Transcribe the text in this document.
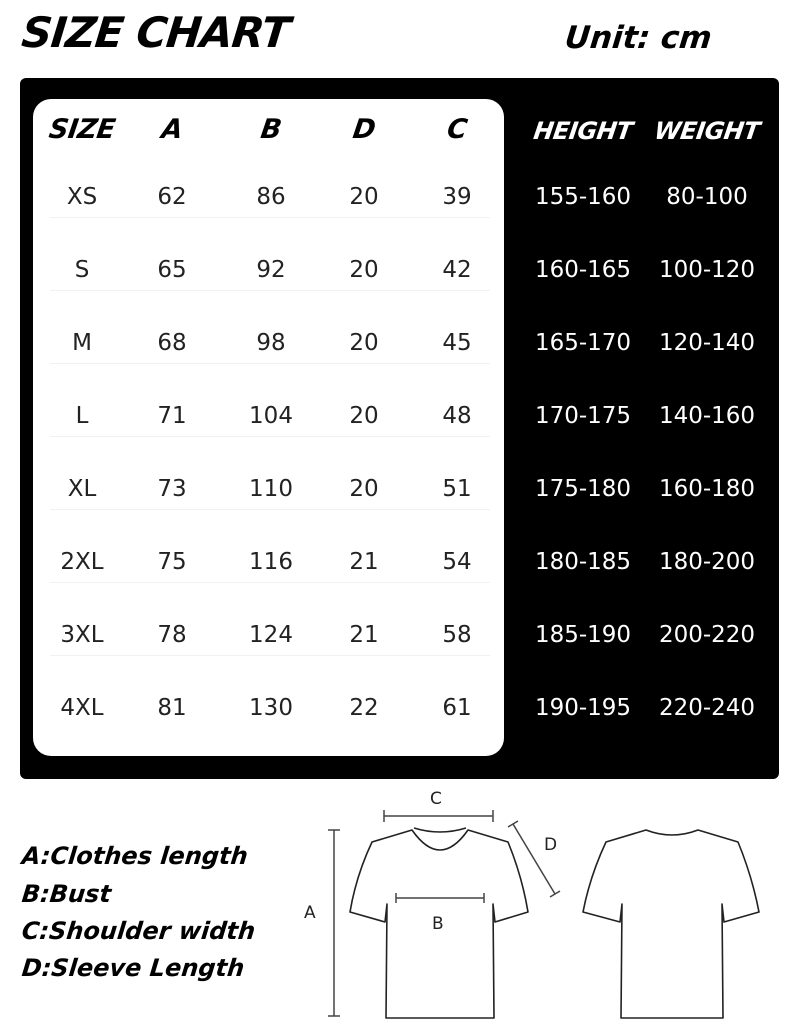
SIZE CHART	Unit: cm
SIZE	A	B	D	C	HEIGHT WEIGHT
XS	62	86	20	39	155-160	80-100
S	65	92	20	42	160-165	100-120
M	68	98	20	45	165-170	120-140
L	71	104	20	48	170-175	140-160
XL	73	110	20	51	175-180	160-180
2XL	75	116	21	54	180-185	180-200
3XL	78	124	21	58	185-190	200-220
4XL	81	130	22	61	190-195	220-240
A:Clothes length
B:Bust
C:Shoulder width
D:Sleeve Length
A
C
D
B
